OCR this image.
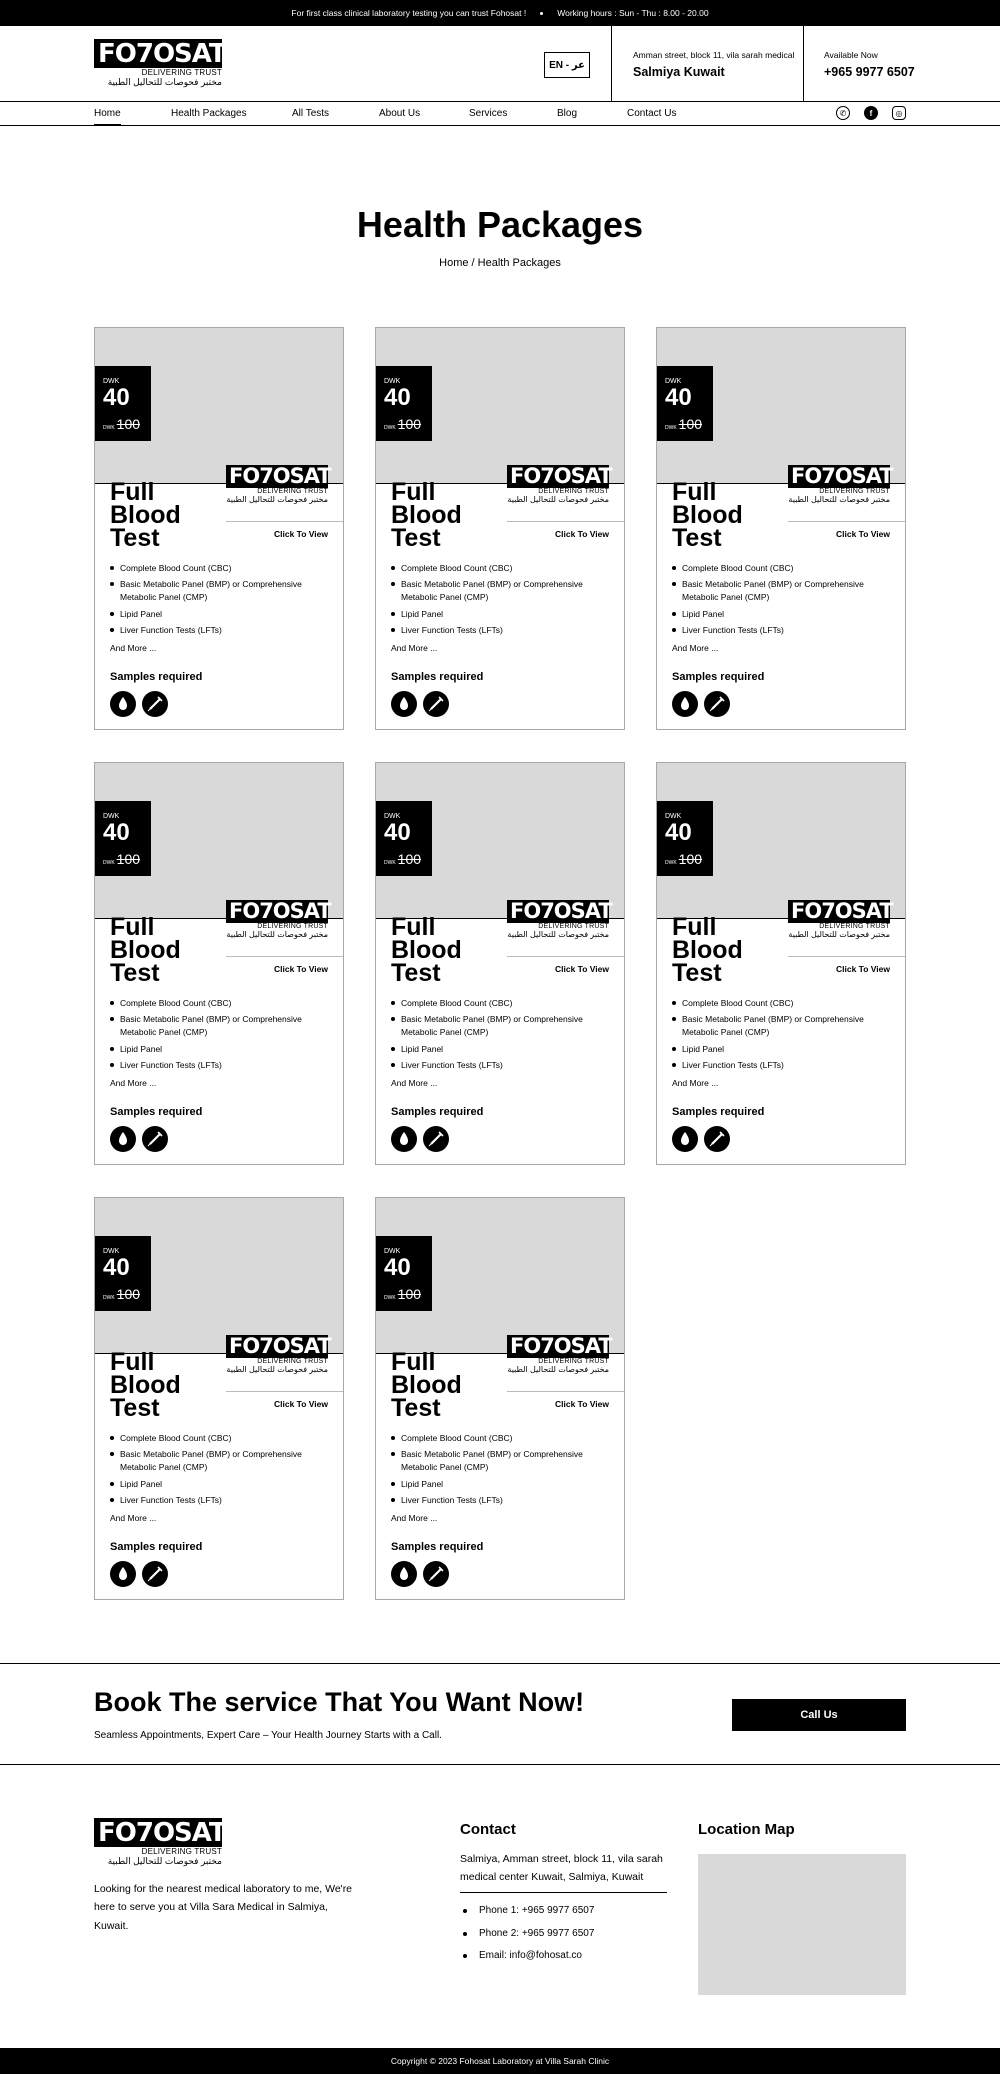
For first class clinical laboratory testing you can trust Fohosat !	Working hours : Sun - Thu : 8.00 - 20.00
FO7OSAT
DELIVERING TRUST
مختبر فحوصات للتحاليل الطبية
EN - عر
Amman street, block 11, vila sarah medical
Salmiya Kuwait
Available Now
+965 9977 6507
Home	Health Packages	All Tests	About Us	Services	Blog	Contact Us	✆	f	◎
Health Packages
Home / Health Packages
DWK
40
DWK 100
FO7OSAT
DELIVERING TRUST
مختبر فحوصات للتحاليل الطبية
Full Blood Test	Click To View
Complete Blood Count (CBC)
Basic Metabolic Panel (BMP) or Comprehensive Metabolic Panel (CMP)
Lipid Panel
Liver Function Tests (LFTs)
And More ...
Samples required
DWK
40
DWK 100
FO7OSAT
DELIVERING TRUST
مختبر فحوصات للتحاليل الطبية
Full Blood Test	Click To View
Complete Blood Count (CBC)
Basic Metabolic Panel (BMP) or Comprehensive Metabolic Panel (CMP)
Lipid Panel
Liver Function Tests (LFTs)
And More ...
Samples required
DWK
40
DWK 100
FO7OSAT
DELIVERING TRUST
مختبر فحوصات للتحاليل الطبية
Full Blood Test	Click To View
Complete Blood Count (CBC)
Basic Metabolic Panel (BMP) or Comprehensive Metabolic Panel (CMP)
Lipid Panel
Liver Function Tests (LFTs)
And More ...
Samples required
DWK
40
DWK 100
FO7OSAT
DELIVERING TRUST
مختبر فحوصات للتحاليل الطبية
Full Blood Test	Click To View
Complete Blood Count (CBC)
Basic Metabolic Panel (BMP) or Comprehensive Metabolic Panel (CMP)
Lipid Panel
Liver Function Tests (LFTs)
And More ...
Samples required
DWK
40
DWK 100
FO7OSAT
DELIVERING TRUST
مختبر فحوصات للتحاليل الطبية
Full Blood Test	Click To View
Complete Blood Count (CBC)
Basic Metabolic Panel (BMP) or Comprehensive Metabolic Panel (CMP)
Lipid Panel
Liver Function Tests (LFTs)
And More ...
Samples required
DWK
40
DWK 100
FO7OSAT
DELIVERING TRUST
مختبر فحوصات للتحاليل الطبية
Full Blood Test	Click To View
Complete Blood Count (CBC)
Basic Metabolic Panel (BMP) or Comprehensive Metabolic Panel (CMP)
Lipid Panel
Liver Function Tests (LFTs)
And More ...
Samples required
DWK
40
DWK 100
FO7OSAT
DELIVERING TRUST
مختبر فحوصات للتحاليل الطبية
Full Blood Test	Click To View
Complete Blood Count (CBC)
Basic Metabolic Panel (BMP) or Comprehensive Metabolic Panel (CMP)
Lipid Panel
Liver Function Tests (LFTs)
And More ...
Samples required
DWK
40
DWK 100
FO7OSAT
DELIVERING TRUST
مختبر فحوصات للتحاليل الطبية
Full Blood Test	Click To View
Complete Blood Count (CBC)
Basic Metabolic Panel (BMP) or Comprehensive Metabolic Panel (CMP)
Lipid Panel
Liver Function Tests (LFTs)
And More ...
Samples required
Book The service That You Want Now!

Seamless Appointments, Expert Care – Your Health Journey Starts with a Call.

Call Us
FO7OSAT
DELIVERING TRUST
مختبر فحوصات للتحاليل الطبية
Looking for the nearest medical laboratory to me, We're here to serve you at Villa Sara Medical in Salmiya, Kuwait.
Contact
Salmiya, Amman street, block 11, vila sarah medical center Kuwait, Salmiya, Kuwait
Phone 1: +965 9977 6507
Phone 2: +965 9977 6507
Email: info@fohosat.co
Location Map
Copyright © 2023 Fohosat Laboratory at Villa Sarah Clinic
